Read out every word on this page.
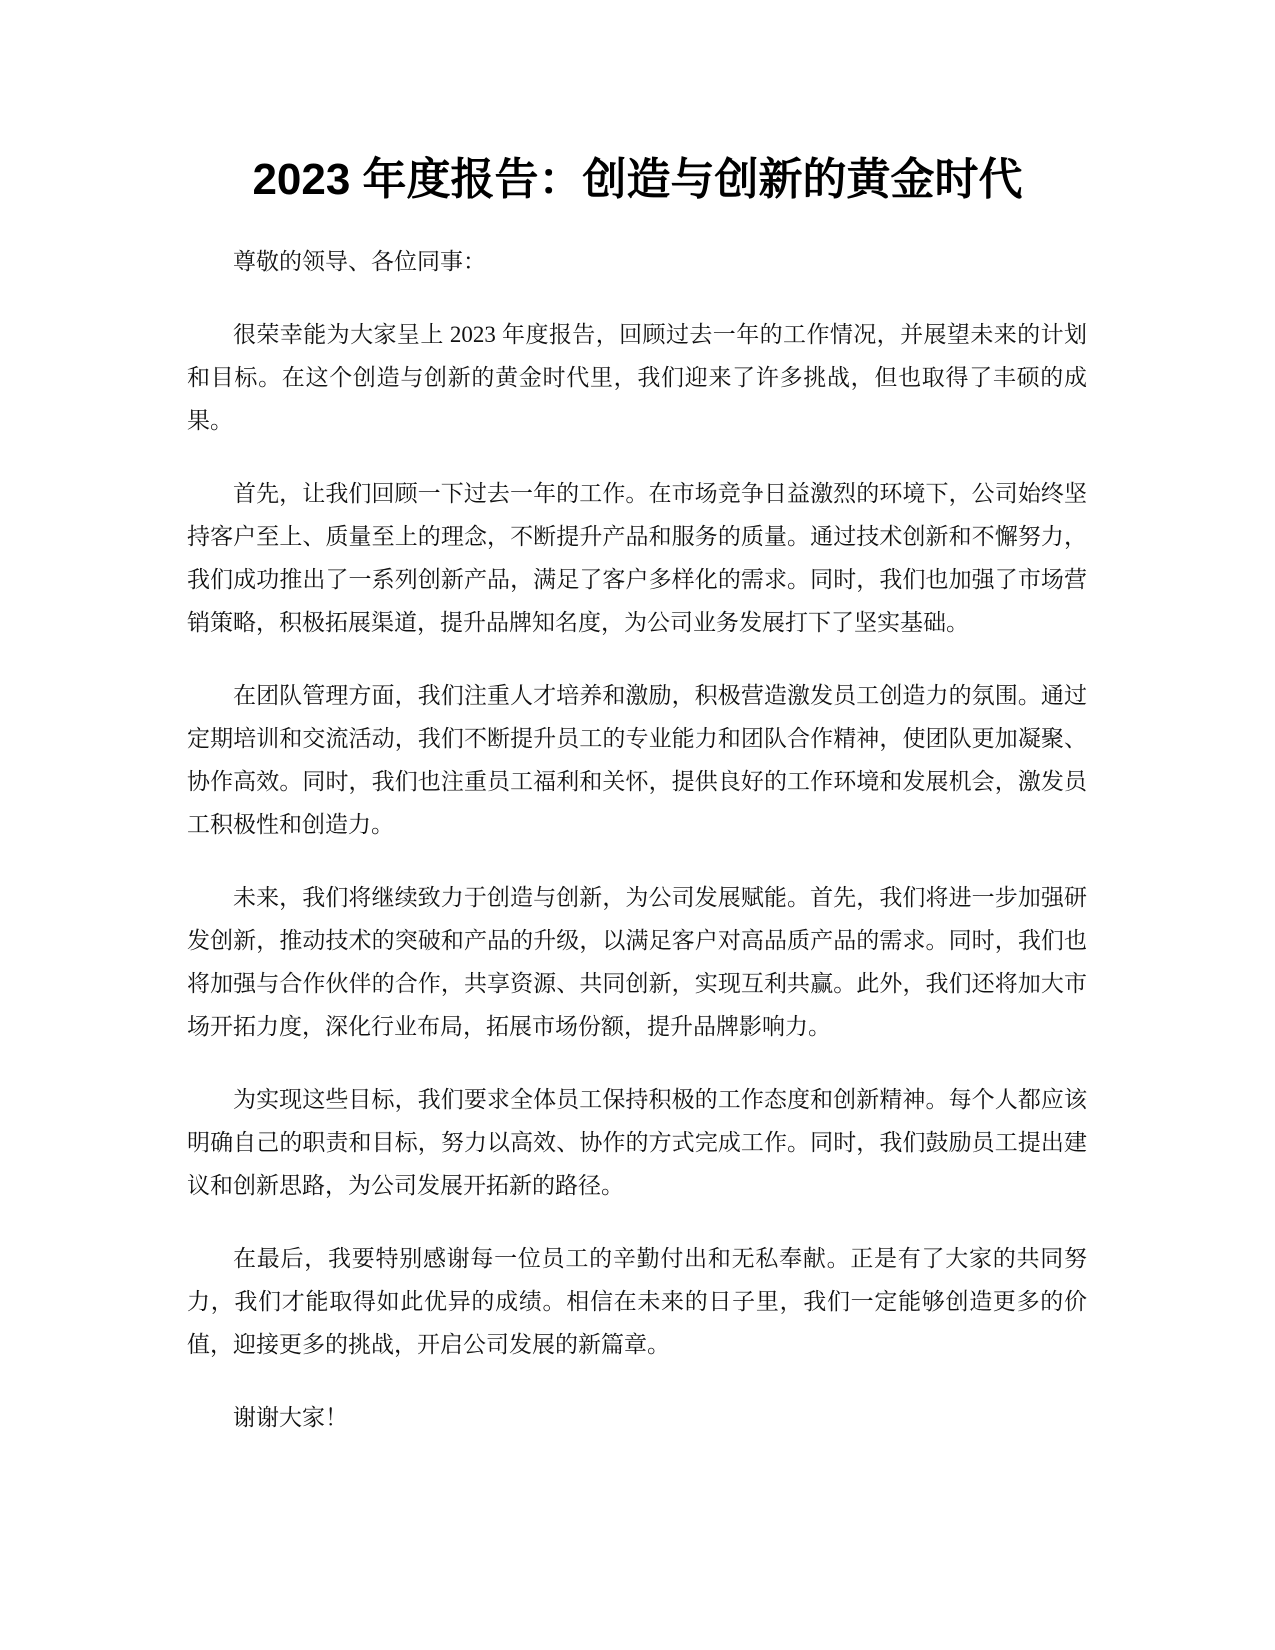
2023 年度报告：创造与创新的黄金时代

尊敬的领导、各位同事：

很荣幸能为大家呈上 2023 年度报告，回顾过去一年的工作情况，并展望未来的计划和目标。在这个创造与创新的黄金时代里，我们迎来了许多挑战，但也取得了丰硕的成果。

首先，让我们回顾一下过去一年的工作。在市场竞争日益激烈的环境下，公司始终坚持客户至上、质量至上的理念，不断提升产品和服务的质量。通过技术创新和不懈努力，我们成功推出了一系列创新产品，满足了客户多样化的需求。同时，我们也加强了市场营销策略，积极拓展渠道，提升品牌知名度，为公司业务发展打下了坚实基础。

在团队管理方面，我们注重人才培养和激励，积极营造激发员工创造力的氛围。通过定期培训和交流活动，我们不断提升员工的专业能力和团队合作精神，使团队更加凝聚、协作高效。同时，我们也注重员工福利和关怀，提供良好的工作环境和发展机会，激发员工积极性和创造力。

未来，我们将继续致力于创造与创新，为公司发展赋能。首先，我们将进一步加强研发创新，推动技术的突破和产品的升级，以满足客户对高品质产品的需求。同时，我们也将加强与合作伙伴的合作，共享资源、共同创新，实现互利共赢。此外，我们还将加大市场开拓力度，深化行业布局，拓展市场份额，提升品牌影响力。

为实现这些目标，我们要求全体员工保持积极的工作态度和创新精神。每个人都应该明确自己的职责和目标，努力以高效、协作的方式完成工作。同时，我们鼓励员工提出建议和创新思路，为公司发展开拓新的路径。

在最后，我要特别感谢每一位员工的辛勤付出和无私奉献。正是有了大家的共同努力，我们才能取得如此优异的成绩。相信在未来的日子里，我们一定能够创造更多的价值，迎接更多的挑战，开启公司发展的新篇章。

谢谢大家！
